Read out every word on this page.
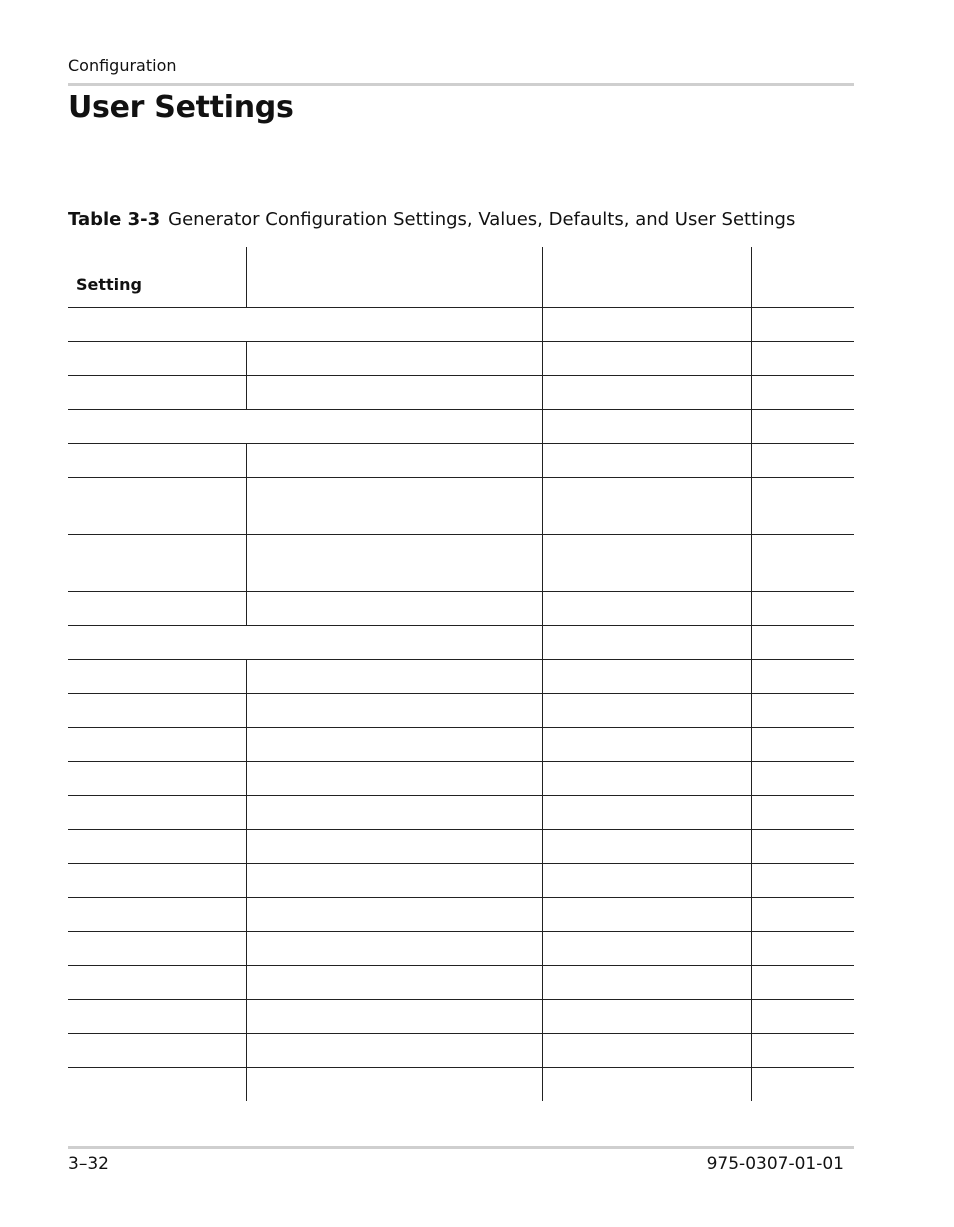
Configuration
User Settings
Table 3-3 Generator Configuration Settings, Values, Defaults, and User Settings
Setting
3–32	975-0307-01-01
